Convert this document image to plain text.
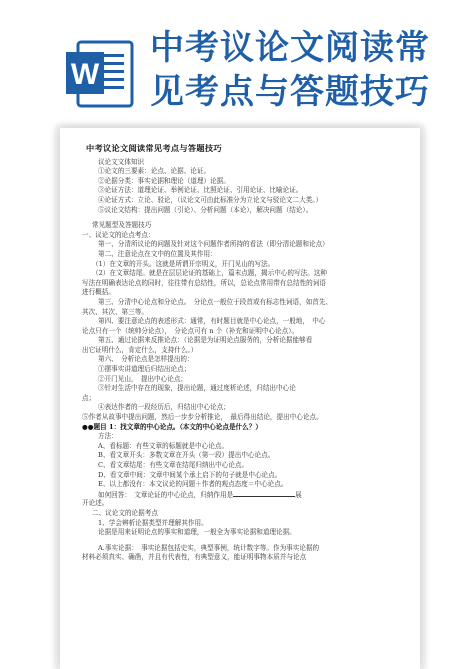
W
中考议论文阅读常
见考点与答题技巧
中考议论文阅读常见考点与答题技巧
议论文文体知识
①论文的三要素：论点、论据、论证。
②论据分类：事实论据和理论（道理）论据。
③论证方法：道理论证、举例论证、比照论证、引用论证、比喻论证。
④论证方式：立论、驳论，（议论文可由此标准分为立论文与驳论文二大类。）
⑤议论文结构：提出问题（引论）、分析问题（本论），解决问题（结论）。
常见题型及答题技巧
一、议论文的论点考点：
第一、分清所议论的问题及针对这个问题作者所持的看法（即分清论题和论点）
第二、注意论点在文中的位置及其作用：
（1）在文章的开头。这就是所谓开宗明义，开门见山的写法。
（2）在文章结尾。就是在层层论证的基础上，篇末点题，揭示中心的写法。这种
写法在明确表达论点的同时，往往带有总结性，所以，总论点常用带有总结性的词语
进行概括。
第三、分清中心论点和分论点。　分论点一般位于段首或有标志性词语，如首先、
其次、其次、第三等。
第四、要注意论点的表述形式：通常，有时题目就是中心论点，一般地，　中心
论点只有一个（统帅分论点），　分论点可有 n 个（补充和证明中心论点）。
第五、通过论据来反推论点：（论据是为证明论点服务的，分析论据能够看
出它证明什么，肯定什么，支持什么。）
第六、　分析论点是怎样提出的：
①摆事实讲道理后归结出论点；
②开门见山，　提出中心论点；
③针对生活中存在的现象，提出论题，通过度析论述，归结出中心论
点；
④表达作者的一段经历后，归结出中心论点；
⑤作者从故事中提出问题，然后一步步分析推论，　最后得出结论，提出中心论点。
●●题目 1：找文章的中心论点。（本文的中心论点是什么？）
方法：
A、看标题：有些文章的标题就是中心论点。
B、看文章开头：多数文章在开头（第一段）提出中心论点。
C、看文章结尾：有些文章在结尾归纳出中心论点。
D、看文章中间：文章中间某个承上启下的句子就是中心论点。
E、以上都没有：本文议论的问题＋作者的观点态度＝中心论点。
如何回答：　文章论证的中心论点，归纳作用是	展
开论述。
二、议论文的论据考点
1、学会辨析论据类型并理解其作用。
论据是用来证明论点的事实和道理，一般全为事实论据和道理论据。
A.事实论据：　事实论据包括史实，典型事例，统计数字等。作为事实论据的
材料必须真实、确凿，并且有代表性，有典型意义，能证明事物本质并与论点
